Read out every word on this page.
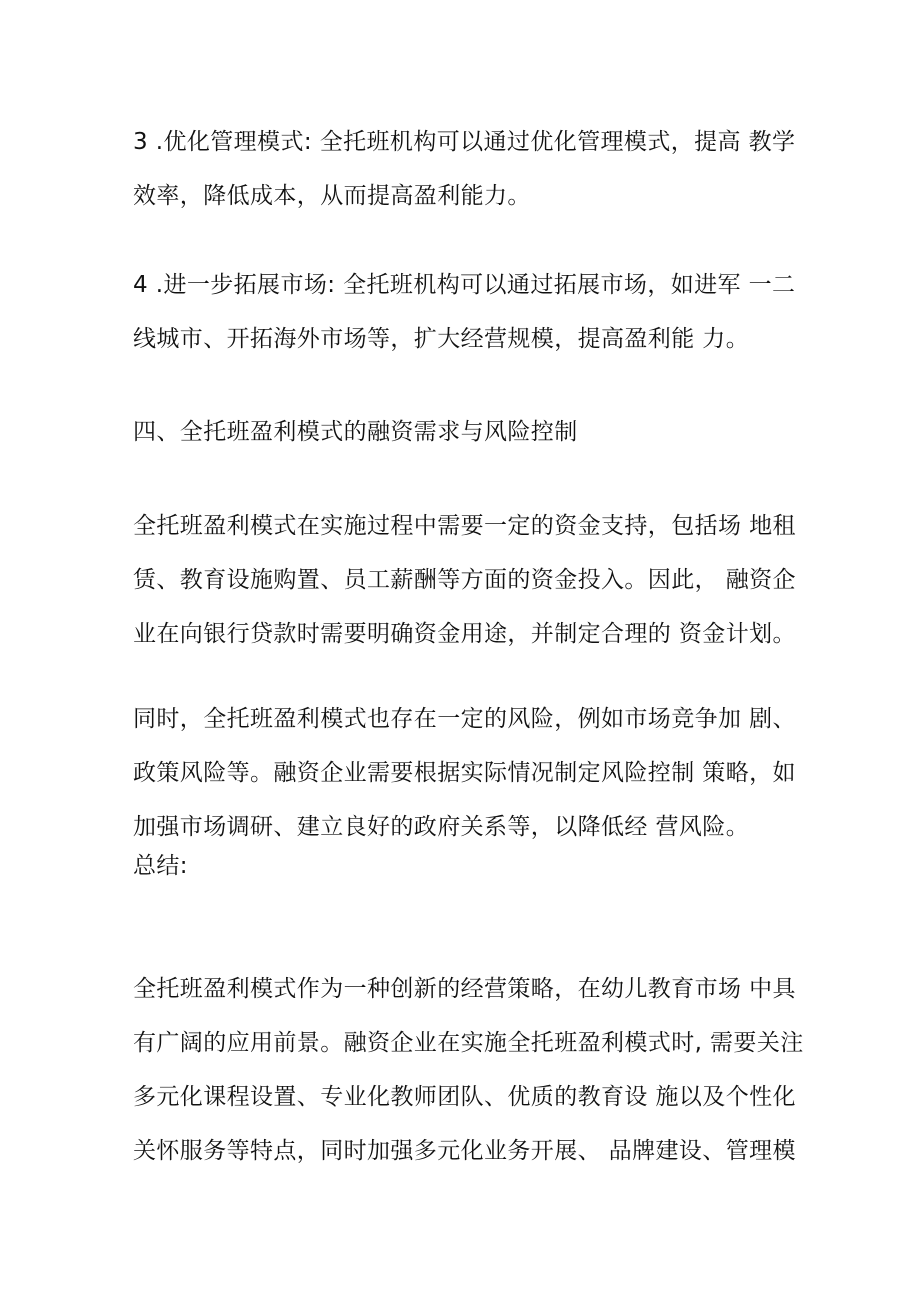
3 .优化管理模式: 全托班机构可以通过优化管理模式，提高 教学
效率，降低成本，从而提高盈利能力。
4 .进一步拓展市场: 全托班机构可以通过拓展市场，如进军 一二
线城市、开拓海外市场等，扩大经营规模，提高盈利能 力。
四、全托班盈利模式的融资需求与风险控制
全托班盈利模式在实施过程中需要一定的资金支持，包括场 地租
赁、教育设施购置、员工薪酬等方面的资金投入。因此， 融资企
业在向银行贷款时需要明确资金用途，并制定合理的 资金计划。
同时，全托班盈利模式也存在一定的风险，例如市场竞争加 剧、
政策风险等。融资企业需要根据实际情况制定风险控制 策略，如
加强市场调研、建立良好的政府关系等，以降低经 营风险。
总结:
全托班盈利模式作为一种创新的经营策略，在幼儿教育市场 中具
有广阔的应用前景。融资企业在实施全托班盈利模式时, 需要关注
多元化课程设置、专业化教师团队、优质的教育设 施以及个性化
关怀服务等特点，同时加强多元化业务开展、 品牌建设、管理模
